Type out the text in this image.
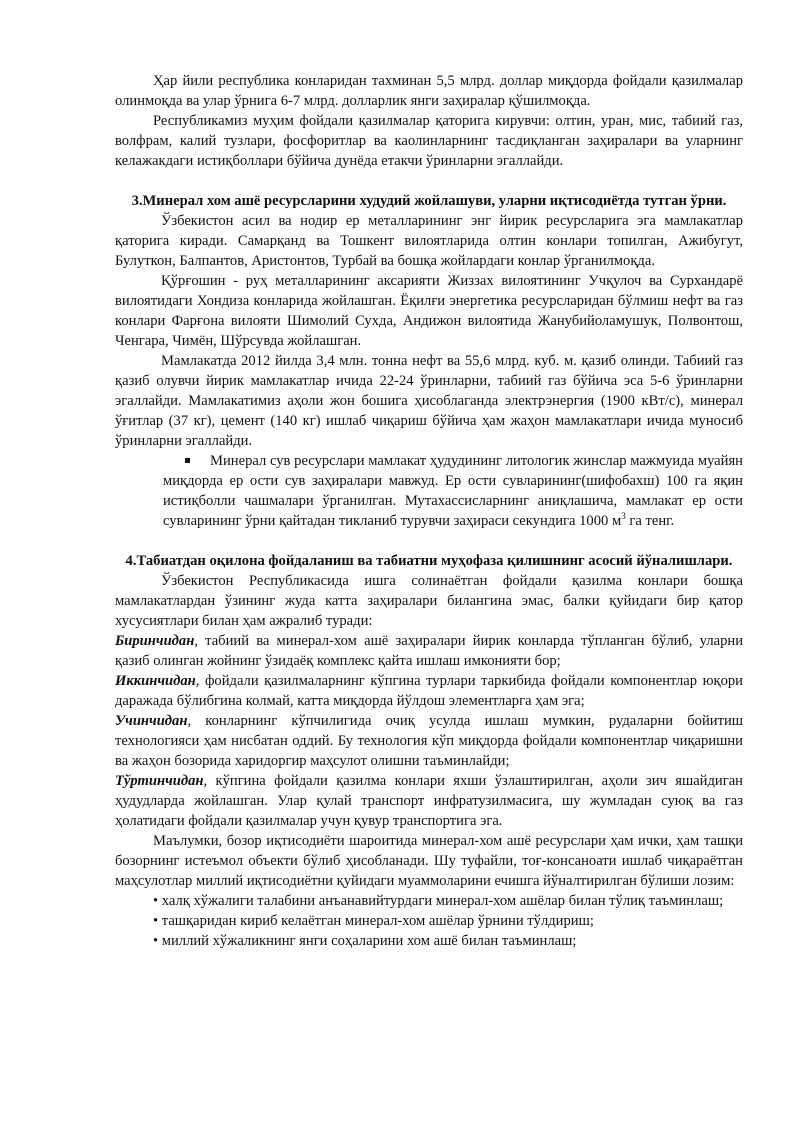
Ҳар йили республика конларидан тахминан 5,5 млрд. доллар миқдорда фойдали қазилмалар олинмоқда ва улар ўрнига 6-7 млрд. долларлик янги заҳиралар қўшилмоқда.

Республикамиз муҳим фойдали қазилмалар қаторига кирувчи: олтин, уран, мис, табиий газ, волфрам, калий тузлари, фосфоритлар ва каолинларнинг тасдиқланган заҳиралари ва уларнинг келажакдаги истиқболлари бўйича дунёда етакчи ўринларни эгаллайди.

3.Минерал хом ашё ресурсларини худудий жойлашуви, уларни иқтисодиётда тутган ўрни.

Ўзбекистон асил ва нодир ер металларининг энг йирик ресурсларига эга мамлакатлар қаторига киради. Самарқанд ва Тошкент вилоятларида олтин конлари топилган, Ажибугут, Булуткон, Балпантов, Аристонтов, Турбай ва бошқа жойлардаги конлар ўрганилмоқда.

Қўрғошин - руҳ металларининг аксарияти Жиззах вилоятининг Учқулоч ва Сурхандарё вилоятидаги Хондиза конларида жойлашган. Ёқилғи энергетика ресурсларидан бўлмиш нефт ва газ конлари Фарғона вилояти Шимолий Сухда, Андижон вилоятида Жанубийоламушук, Полвонтош, Ченгара, Чимён, Шўрсувда жойлашган.

Мамлакатда 2012 йилда 3,4 млн. тонна нефт ва 55,6 млрд. куб. м. қазиб олинди. Табиий газ қазиб олувчи йирик мамлакатлар ичида 22-24 ўринларни, табиий газ бўйича эса 5-6 ўринларни эгаллайди. Мамлакатимиз аҳоли жон бошига ҳисоблаганда электрэнергия (1900 кВт/с), минерал ўғитлар (37 кг), цемент (140 кг) ишлаб чиқариш бўйича ҳам жаҳон мамлакатлари ичида муносиб ўринларни эгаллайди.

Минерал сув ресурслари мамлакат ҳудудининг литологик жинслар мажмуида муайян миқдорда ер ости сув заҳиралари мавжуд. Ер ости сувларининг(шифобахш) 100 га яқин истиқболли чашмалари ўрганилган. Мутахассисларнинг аниқлашича, мамлакат ер ости сувларининг ўрни қайтадан тикланиб турувчи заҳираси секундига 1000 $м^3$ га тенг.

4.Табиатдан оқилона фойдаланиш ва табиатни муҳофаза қилишнинг асосий йўналишлари.

Ўзбекистон Республикасида ишга солинаётган фойдали қазилма конлари бошқа мамлакатлардан ўзининг жуда катта заҳиралари билангина эмас, балки қуйидаги бир қатор хусусиятлари билан ҳам ажралиб туради:

Биринчидан, табиий ва минерал-хом ашё заҳиралари йирик конларда тўпланган бўлиб, уларни қазиб олинган жойнинг ўзидаёқ комплекс қайта ишлаш имконияти бор;

Иккинчидан, фойдали қазилмаларнинг кўпгина турлари таркибида фойдали компонентлар юқори даражада бўлибгина колмай, катта миқдорда йўлдош элементларга ҳам эга;

Учинчидан, конларнинг кўпчилигида очиқ усулда ишлаш мумкин, рудаларни бойитиш технологияси ҳам нисбатан оддий. Бу технология кўп миқдорда фойдали компонентлар чиқаришни ва жаҳон бозорида харидоргир маҳсулот олишни таъминлайди;

Тўртинчидан, кўпгина фойдали қазилма конлари яхши ўзлаштирилган, аҳоли зич яшайдиган ҳудудларда жойлашган. Улар қулай транспорт инфратузилмасига, шу жумладан суюқ ва газ ҳолатидаги фойдали қазилмалар учун қувур транспортига эга.

Маълумки, бозор иқтисодиёти шароитида минерал-хом ашё ресурслари ҳам ички, ҳам ташқи бозорнинг истеъмол объекти бўлиб ҳисобланади. Шу туфайли, тоғ-консаноати ишлаб чиқараётган маҳсулотлар миллий иқтисодиётни қуйидаги муаммоларини ечишга йўналтирилган бўлиши лозим:

• халқ хўжалиги талабини анъанавийтурдаги минерал-хом ашёлар билан тўлиқ таъминлаш;

• ташқаридан кириб келаётган минерал-хом ашёлар ўрнини тўлдириш;

• миллий хўжаликнинг янги соҳаларини хом ашё билан таъминлаш;
